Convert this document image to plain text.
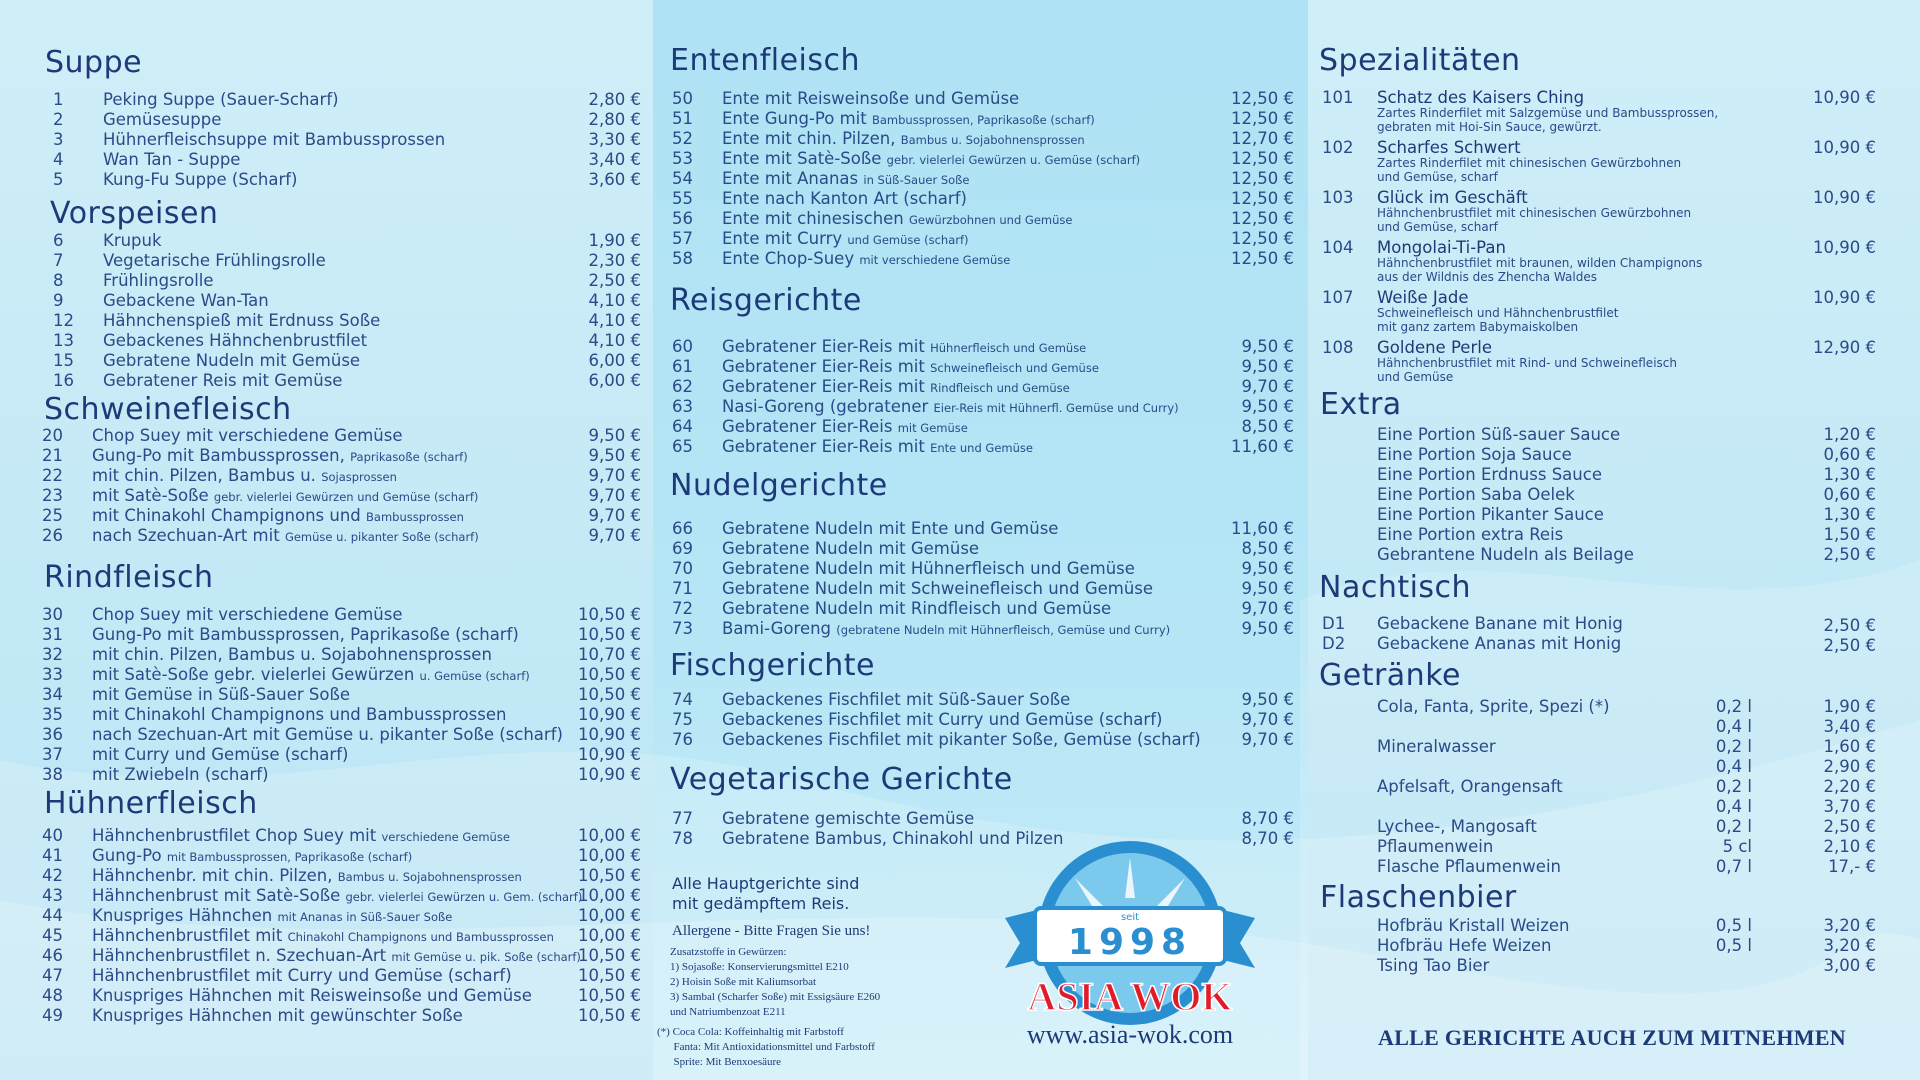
Suppe
1	Peking Suppe (Sauer-Scharf)	2,80 €
2	Gemüsesuppe	2,80 €
3	Hühnerfleischsuppe mit Bambussprossen	3,30 €
4	Wan Tan - Suppe	3,40 €
5	Kung-Fu Suppe (Scharf)	3,60 €
Vorspeisen
6	Krupuk	1,90 €
7	Vegetarische Frühlingsrolle	2,30 €
8	Frühlingsrolle	2,50 €
9	Gebackene Wan-Tan	4,10 €
12	Hähnchenspieß mit Erdnuss Soße	4,10 €
13	Gebackenes Hähnchenbrustfilet	4,10 €
15	Gebratene Nudeln mit Gemüse	6,00 €
16	Gebratener Reis mit Gemüse	6,00 €
Schweinefleisch
20	Chop Suey mit verschiedene Gemüse	9,50 €
21	Gung-Po mit Bambussprossen, Paprikasoße (scharf)	9,50 €
22	mit chin. Pilzen, Bambus u. Sojasprossen	9,70 €
23	mit Satè-Soße gebr. vielerlei Gewürzen und Gemüse (scharf)	9,70 €
25	mit Chinakohl Champignons und Bambussprossen	9,70 €
26	nach Szechuan-Art mit Gemüse u. pikanter Soße (scharf)	9,70 €
Rindfleisch
30	Chop Suey mit verschiedene Gemüse	10,50 €
31	Gung-Po mit Bambussprossen, Paprikasoße (scharf)	10,50 €
32	mit chin. Pilzen, Bambus u. Sojabohnensprossen	10,70 €
33	mit Satè-Soße gebr. vielerlei Gewürzen u. Gemüse (scharf)	10,50 €
34	mit Gemüse in Süß-Sauer Soße	10,50 €
35	mit Chinakohl Champignons und Bambussprossen	10,90 €
36	nach Szechuan-Art mit Gemüse u. pikanter Soße (scharf) 10,90 €
37	mit Curry und Gemüse (scharf)	10,90 €
38	mit Zwiebeln (scharf)	10,90 €
Hühnerfleisch
40	Hähnchenbrustfilet Chop Suey mit verschiedene Gemüse	10,00 €
41	Gung-Po mit Bambussprossen, Paprikasoße (scharf)	10,00 €
42	Hähnchenbr. mit chin. Pilzen, Bambus u. Sojabohnensprossen	10,50 €
43	Hähnchenbrust mit Satè-Soße gebr. vielerlei Gewürzen u. Gem. (scharf)
10,00 €
44	Knuspriges Hähnchen mit Ananas in Süß-Sauer Soße	10,00 €
45	Hähnchenbrustfilet mit Chinakohl Champignons und Bambussprossen	10,00 €
46	Hähnchenbrustfilet n. Szechuan-Art mit Gemüse u. pik. Soße (scharf)
10,50 €
47	Hähnchenbrustfilet mit Curry und Gemüse (scharf)	10,50 €
48	Knuspriges Hähnchen mit Reisweinsoße und Gemüse	10,50 €
49	Knuspriges Hähnchen mit gewünschter Soße	10,50 €
Entenfleisch
50	Ente mit Reisweinsoße und Gemüse	12,50 €
51	Ente Gung-Po mit Bambussprossen, Paprikasoße (scharf)	12,50 €
52	Ente mit chin. Pilzen, Bambus u. Sojabohnensprossen	12,70 €
53	Ente mit Satè-Soße gebr. vielerlei Gewürzen u. Gemüse (scharf)	12,50 €
54	Ente mit Ananas in Süß-Sauer Soße	12,50 €
55	Ente nach Kanton Art (scharf)	12,50 €
56	Ente mit chinesischen Gewürzbohnen und Gemüse	12,50 €
57	Ente mit Curry und Gemüse (scharf)	12,50 €
58	Ente Chop-Suey mit verschiedene Gemüse	12,50 €
Reisgerichte
60	Gebratener Eier-Reis mit Hühnerfleisch und Gemüse	9,50 €
61	Gebratener Eier-Reis mit Schweinefleisch und Gemüse	9,50 €
62	Gebratener Eier-Reis mit Rindfleisch und Gemüse	9,70 €
63	Nasi-Goreng (gebratener Eier-Reis mit Hühnerfl. Gemüse und Curry)	9,50 €
64	Gebratener Eier-Reis mit Gemüse	8,50 €
65	Gebratener Eier-Reis mit Ente und Gemüse	11,60 €
Nudelgerichte
66	Gebratene Nudeln mit Ente und Gemüse	11,60 €
69	Gebratene Nudeln mit Gemüse	8,50 €
70	Gebratene Nudeln mit Hühnerfleisch und Gemüse	9,50 €
71	Gebratene Nudeln mit Schweinefleisch und Gemüse	9,50 €
72	Gebratene Nudeln mit Rindfleisch und Gemüse	9,70 €
73	Bami-Goreng (gebratene Nudeln mit Hühnerfleisch, Gemüse und Curry)	9,50 €
Fischgerichte
74	Gebackenes Fischfilet mit Süß-Sauer Soße	9,50 €
75	Gebackenes Fischfilet mit Curry und Gemüse (scharf)	9,70 €
76	Gebackenes Fischfilet mit pikanter Soße, Gemüse (scharf)	9,70 €
Vegetarische Gerichte
77	Gebratene gemischte Gemüse	8,70 €
78	Gebratene Bambus, Chinakohl und Pilzen	8,70 €
Alle Hauptgerichte sind
mit gedämpftem Reis.
Allergene - Bitte Fragen Sie uns!
Zusatzstoffe in Gewürzen:
1) Sojasoße: Konservierungsmittel E210
2) Hoisin Soße mit Kaliumsorbat
3) Sambal (Scharfer Soße) mit Essigsäure E260
und Natriumbenzoat E211
(*) Coca Cola: Koffeinhaltig mit Farbstoff
Fanta: Mit Antioxidationsmittel und Farbstoff
Sprite: Mit Benxoesäure
Spezialitäten
101 Schatz des Kaisers Ching
Zartes Rinderfilet mit Salzgemüse und Bambussprossen,
gebraten mit Hoi-Sin Sauce, gewürzt.
10,90 €
102 Scharfes Schwert
Zartes Rinderfilet mit chinesischen Gewürzbohnen
und Gemüse, scharf
10,90 €
103 Glück im Geschäft
Hähnchenbrustfilet mit chinesischen Gewürzbohnen
und Gemüse, scharf
10,90 €
104 Mongolai-Ti-Pan
Hähnchenbrustfilet mit braunen, wilden Champignons
aus der Wildnis des Zhencha Waldes
10,90 €
107 Weiße Jade
Schweinefleisch und Hähnchenbrustfilet
mit ganz zartem Babymaiskolben
10,90 €
108 Goldene Perle
Hähnchenbrustfilet mit Rind- und Schweinefleisch
und Gemüse
12,90 €
Extra
Eine Portion Süß-sauer Sauce	1,20 €
Eine Portion Soja Sauce	0,60 €
Eine Portion Erdnuss Sauce	1,30 €
Eine Portion Saba Oelek	0,60 €
Eine Portion Pikanter Sauce	1,30 €
Eine Portion extra Reis	1,50 €
Gebrantene Nudeln als Beilage	2,50 €
Nachtisch
D1 Gebackene Banane mit Honig	2,50 €
D2 Gebackene Ananas mit Honig	2,50 €
Getränke
Cola, Fanta, Sprite, Spezi (*)	0,2 l	1,90 €
0,4 l	3,40 €
Mineralwasser	0,2 l	1,60 €
0,4 l	2,90 €
Apfelsaft, Orangensaft	0,2 l	2,20 €
0,4 l	3,70 €
Lychee-, Mangosaft	0,2 l	2,50 €
Pflaumenwein	5 cl	2,10 €
Flasche Pflaumenwein	0,7 l	17,- €
Flaschenbier
Hofbräu Kristall Weizen	0,5 l	3,20 €
Hofbräu Hefe Weizen	0,5 l	3,20 €
Tsing Tao Bier	3,00 €
seit
1998
ASIA WOK
www.asia-wok.com	ALLE GERICHTE AUCH ZUM MITNEHMEN
